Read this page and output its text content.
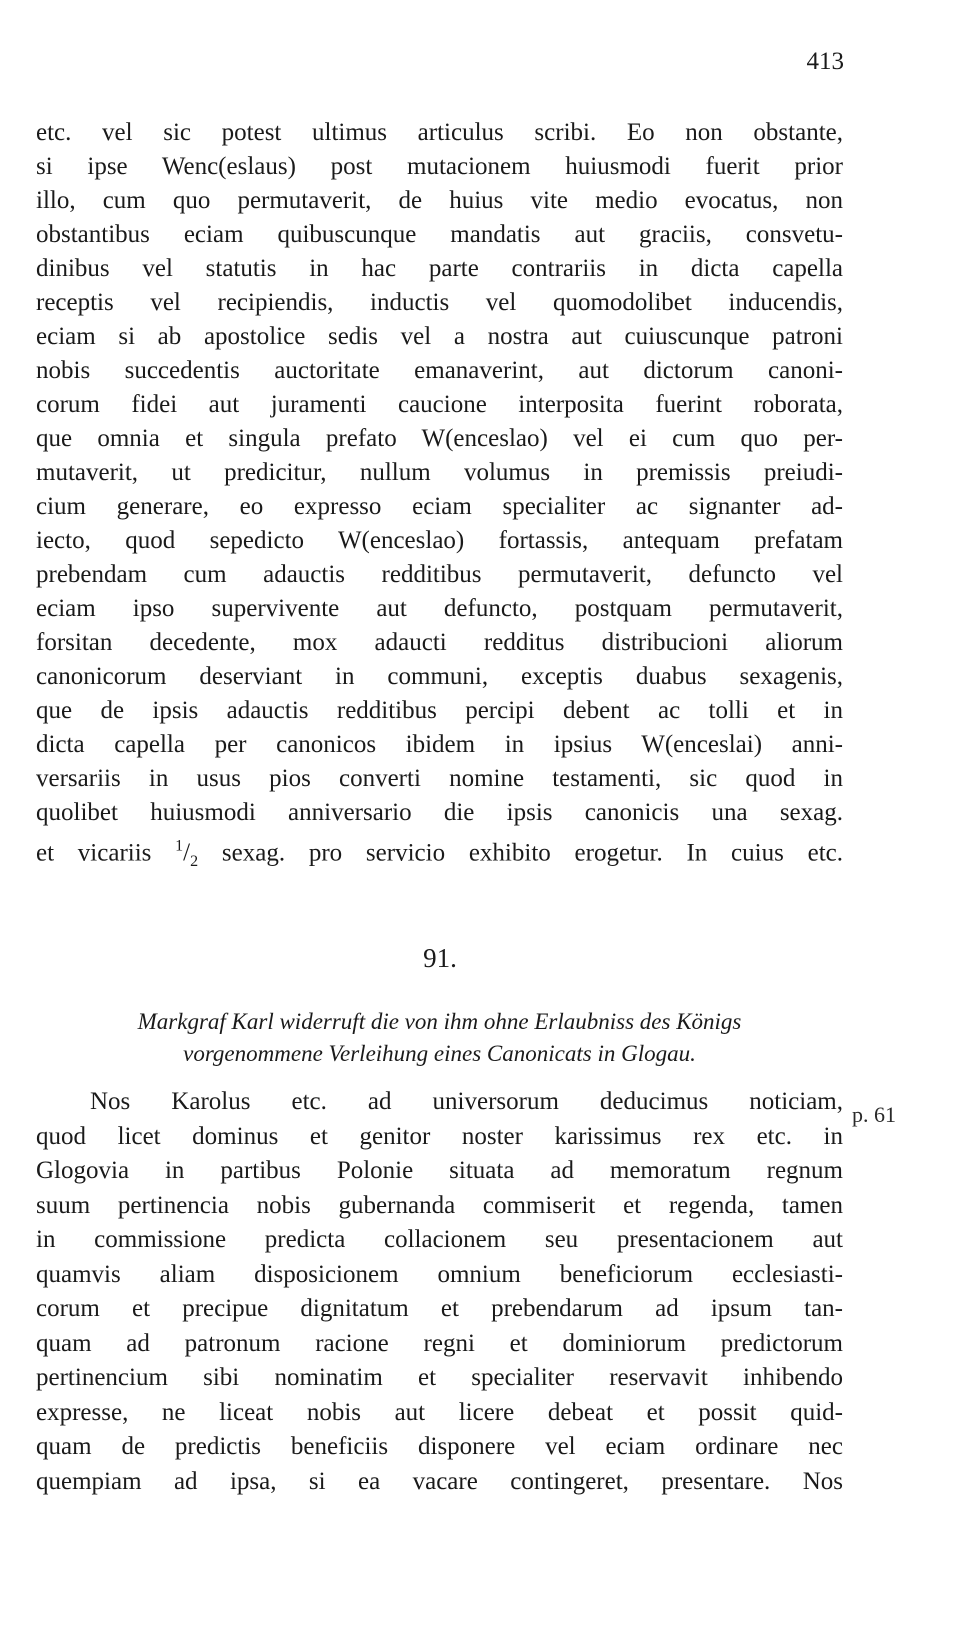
413
etc. vel sic potest ultimus articulus scribi. Eo non obstante,
si ipse Wenc(eslaus) post mutacionem huiusmodi fuerit prior
illo, cum quo permutaverit, de huius vite medio evocatus, non
obstantibus eciam quibuscunque mandatis aut graciis, consvetu-
dinibus vel statutis in hac parte contrariis in dicta capella
receptis vel recipiendis, inductis vel quomodolibet inducendis,
eciam si ab apostolice sedis vel a nostra aut cuiuscunque patroni
nobis succedentis auctoritate emanaverint, aut dictorum canoni-
corum fidei aut juramenti caucione interposita fuerint roborata,
que omnia et singula prefato W(enceslao) vel ei cum quo per-
mutaverit, ut predicitur, nullum volumus in premissis preiudi-
cium generare, eo expresso eciam specialiter ac signanter ad-
iecto, quod sepedicto W(enceslao) fortassis, antequam prefatam
prebendam cum adauctis redditibus permutaverit, defuncto vel
eciam ipso supervivente aut defuncto, postquam permutaverit,
forsitan decedente, mox adaucti redditus distribucioni aliorum
canonicorum deserviant in communi, exceptis duabus sexagenis,
que de ipsis adauctis redditibus percipi debent ac tolli et in
dicta capella per canonicos ibidem in ipsius W(enceslai) anni-
versariis in usus pios converti nomine testamenti, sic quod in
quolibet huiusmodi anniversario die ipsis canonicis una sexag.
et vicariis $^1/_2$ sexag. pro servicio exhibito erogetur. In cuius etc.
91.
Markgraf Karl widerruft die von ihm ohne Erlaubniss des Königs
vorgenommene Verleihung eines Canonicats in Glogau.
p. 61
Nos Karolus etc. ad universorum deducimus noticiam,
quod licet dominus et genitor noster karissimus rex etc. in
Glogovia in partibus Polonie situata ad memoratum regnum
suum pertinencia nobis gubernanda commiserit et regenda, tamen
in commissione predicta collacionem seu presentacionem aut
quamvis aliam disposicionem omnium beneficiorum ecclesiasti-
corum et precipue dignitatum et prebendarum ad ipsum tan-
quam ad patronum racione regni et dominiorum predictorum
pertinencium sibi nominatim et specialiter reservavit inhibendo
expresse, ne liceat nobis aut licere debeat et possit quid-
quam de predictis beneficiis disponere vel eciam ordinare nec
quempiam ad ipsa, si ea vacare contingeret, presentare. Nos
